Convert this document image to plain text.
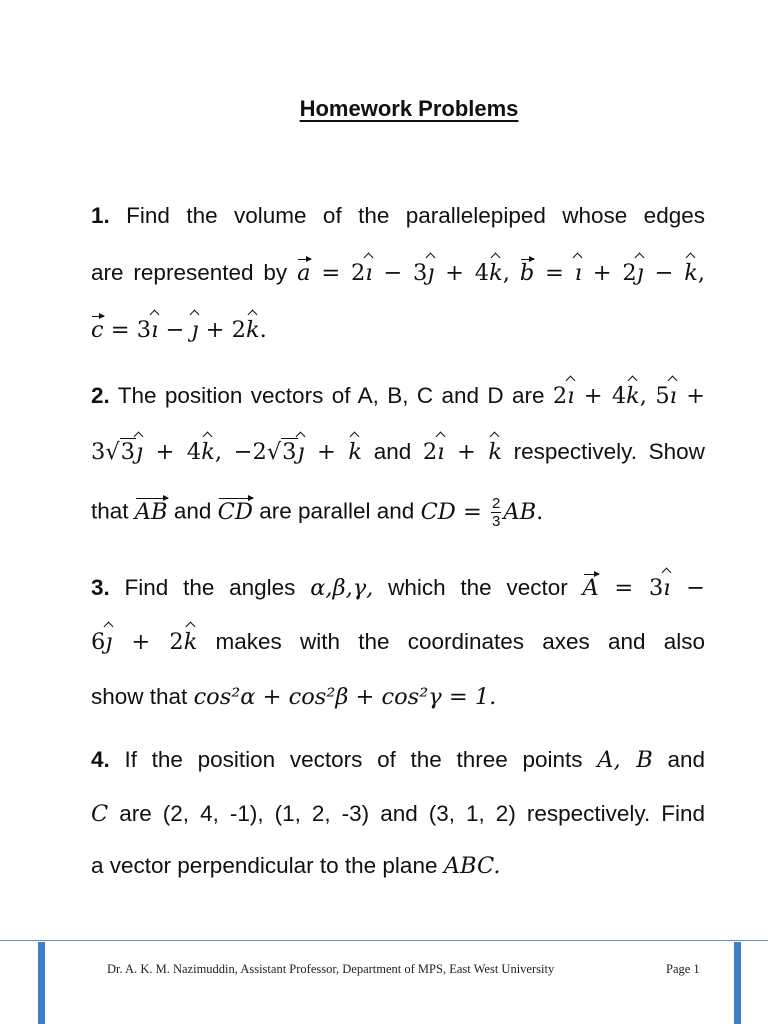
Homework Problems
1. Find the volume of the parallelepiped whose edges
are represented by a = 2ı − 3ȷ + 4k, b = ı + 2ȷ − k,
c = 3ı − ȷ + 2k.
2. The position vectors of A, B, C and D are 2ı + 4k, 5ı +
3√3ȷ + 4k, −2√3ȷ + k and 2ı + k respectively. Show
that AB and CD are parallel and CD = $\frac{2}{3}$ AB.
3. Find the angles α,β,γ, which the vector A = 3ı −
6ȷ + 2k makes with the coordinates axes and also
show that cos²α + cos²β + cos²γ = 1.
4. If the position vectors of the three points A, B and
C are (2, 4, -1), (1, 2, -3) and (3, 1, 2) respectively. Find
a vector perpendicular to the plane ABC.
Dr. A. K. M. Nazimuddin, Assistant Professor, Department of MPS, East West University	Page 1
